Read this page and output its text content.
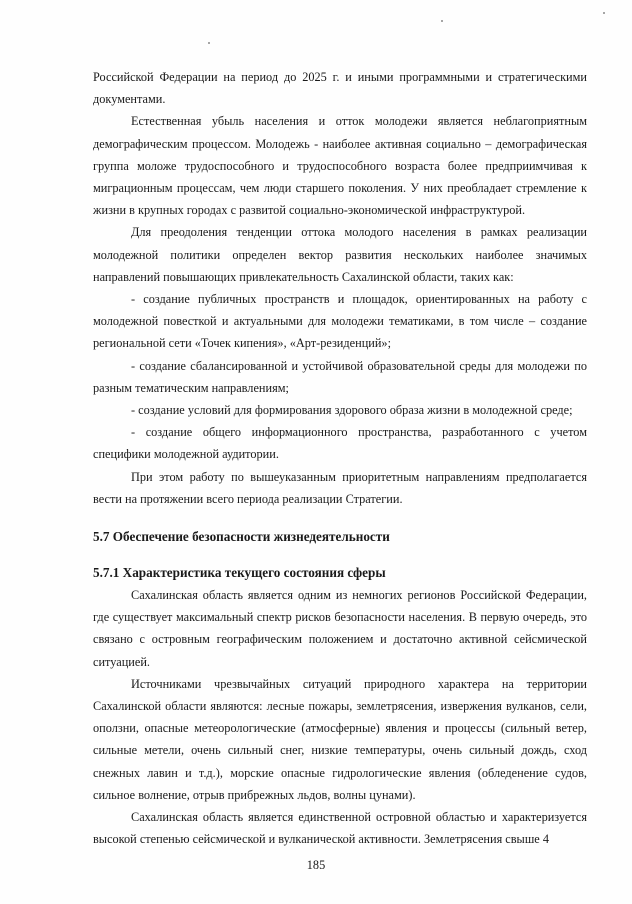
Российской Федерации на период до 2025 г. и иными программными и стратегическими документами.

Естественная убыль населения и отток молодежи является неблагоприятным демографическим процессом. Молодежь - наиболее активная социально – демографическая группа моложе трудоспособного и трудоспособного возраста более предприимчивая к миграционным процессам, чем люди старшего поколения. У них преобладает стремление к жизни в крупных городах с развитой социально-экономической инфраструктурой.

Для преодоления тенденции оттока молодого населения в рамках реализации молодежной политики определен вектор развития нескольких наиболее значимых направлений повышающих привлекательность Сахалинской области, таких как:

- создание публичных пространств и площадок, ориентированных на работу с молодежной повесткой и актуальными для молодежи тематиками, в том числе – создание региональной сети «Точек кипения», «Арт-резиденций»;

- создание сбалансированной и устойчивой образовательной среды для молодежи по разным тематическим направлениям;

- создание условий для формирования здорового образа жизни в молодежной среде;

- создание общего информационного пространства, разработанного с учетом специфики молодежной аудитории.

При этом работу по вышеуказанным приоритетным направлениям предполагается вести на протяжении всего периода реализации Стратегии.

5.7 Обеспечение безопасности жизнедеятельности
5.7.1 Характеристика текущего состояния сферы

Сахалинская область является одним из немногих регионов Российской Федерации, где существует максимальный спектр рисков безопасности населения. В первую очередь, это связано с островным географическим положением и достаточно активной сейсмической ситуацией.

Источниками чрезвычайных ситуаций природного характера на территории Сахалинской области являются: лесные пожары, землетрясения, извержения вулканов, сели, оползни, опасные метеорологические (атмосферные) явления и процессы (сильный ветер, сильные метели, очень сильный снег, низкие температуры, очень сильный дождь, сход снежных лавин и т.д.), морские опасные гидрологические явления (обледенение судов, сильное волнение, отрыв прибрежных льдов, волны цунами).

Сахалинская область является единственной островной областью и характеризуется высокой степенью сейсмической и вулканической активности. Землетрясения свыше 4

185
